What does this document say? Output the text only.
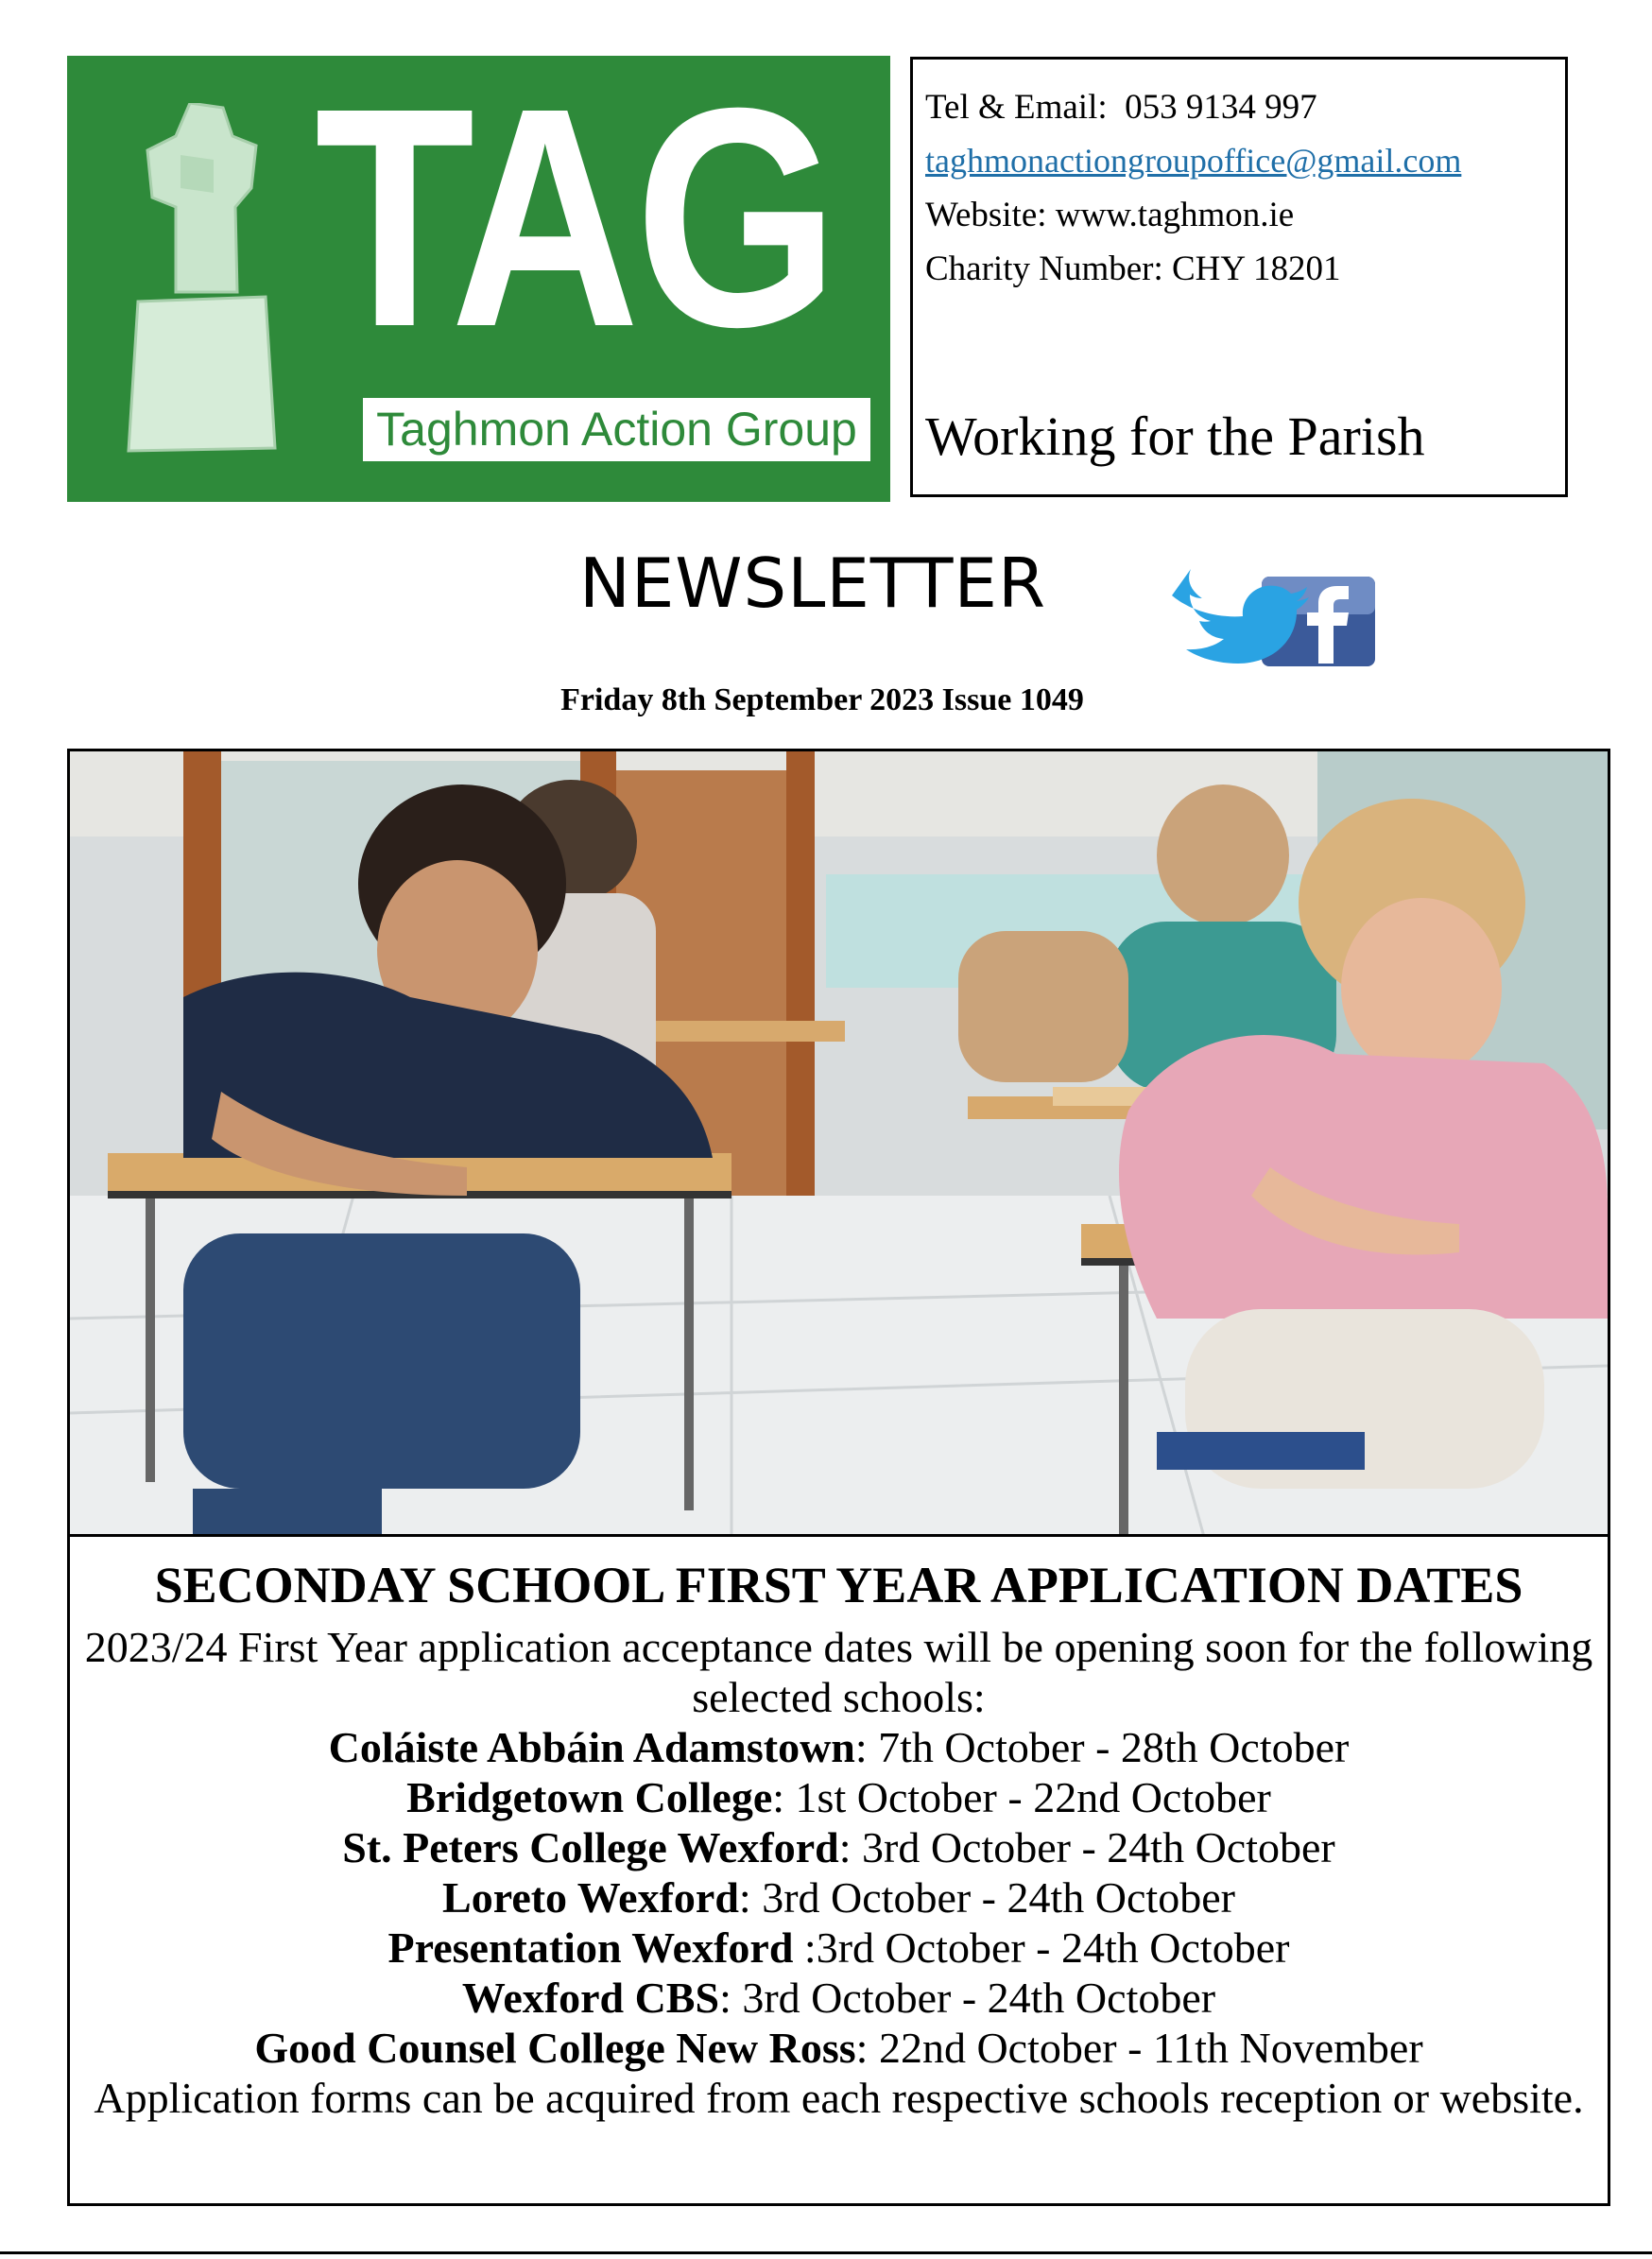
TAG
Taghmon Action Group
Tel & Email: 053 9134 997
taghmonactiongroupoffice@gmail.com
Website: www.taghmon.ie
Charity Number: CHY 18201
Working for the Parish
NEWSLETTER
Friday 8th September 2023 Issue 1049
SECONDAY SCHOOL FIRST YEAR APPLICATION DATES

2023/24 First Year application acceptance dates will be opening soon for the following selected schools:

Coláiste Abbáin Adamstown: 7th October - 28th October

Bridgetown College: 1st October - 22nd October

St. Peters College Wexford: 3rd October - 24th October

Loreto Wexford: 3rd October - 24th October

Presentation Wexford :3rd October - 24th October

Wexford CBS: 3rd October - 24th October

Good Counsel College New Ross: 22nd October - 11th November

Application forms can be acquired from each respective schools reception or website.
